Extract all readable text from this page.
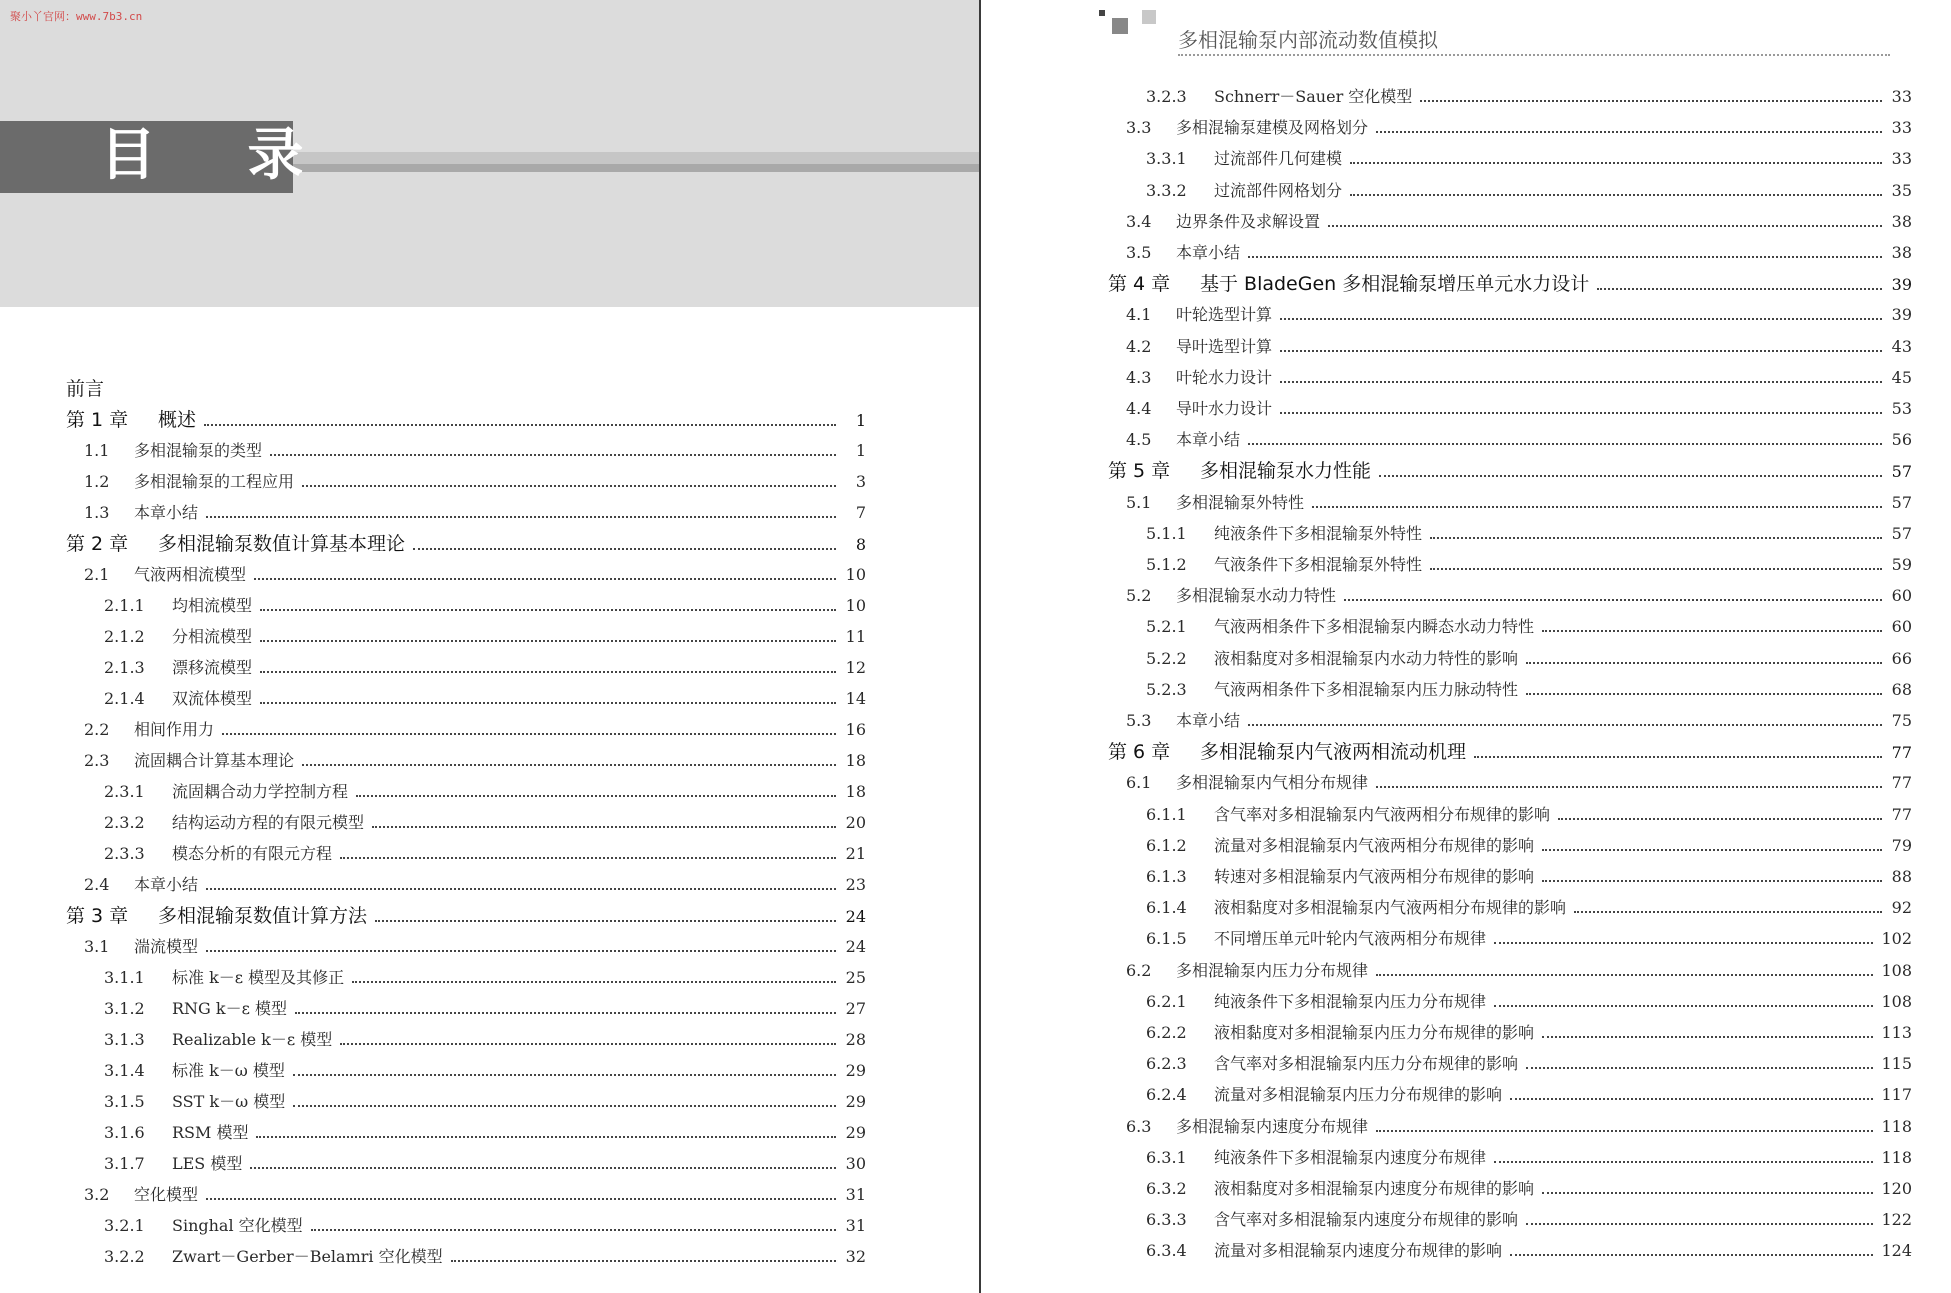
目 录
聚小丫官网：www.7b3.cn
前言
第 1 章	概述	1
1.1	多相混输泵的类型	1
1.2	多相混输泵的工程应用	3
1.3	本章小结	7
第 2 章	多相混输泵数值计算基本理论	8
2.1	气液两相流模型	10
2.1.1	均相流模型	10
2.1.2	分相流模型	11
2.1.3	漂移流模型	12
2.1.4	双流体模型	14
2.2	相间作用力	16
2.3	流固耦合计算基本理论	18
2.3.1	流固耦合动力学控制方程	18
2.3.2	结构运动方程的有限元模型	20
2.3.3	模态分析的有限元方程	21
2.4	本章小结	23
第 3 章	多相混输泵数值计算方法	24
3.1	湍流模型	24
3.1.1	标准 k－ε 模型及其修正	25
3.1.2	RNG k－ε 模型	27
3.1.3	Realizable k－ε 模型	28
3.1.4	标准 k－ω 模型	29
3.1.5	SST k－ω 模型	29
3.1.6	RSM 模型	29
3.1.7	LES 模型	30
3.2	空化模型	31
3.2.1	Singhal 空化模型	31
3.2.2	Zwart－Gerber－Belamri 空化模型	32
多相混输泵内部流动数值模拟
3.2.3	Schnerr－Sauer 空化模型	33
3.3	多相混输泵建模及网格划分	33
3.3.1	过流部件几何建模	33
3.3.2	过流部件网格划分	35
3.4	边界条件及求解设置	38
3.5	本章小结	38
第 4 章	基于 BladeGen 多相混输泵增压单元水力设计	39
4.1	叶轮选型计算	39
4.2	导叶选型计算	43
4.3	叶轮水力设计	45
4.4	导叶水力设计	53
4.5	本章小结	56
第 5 章	多相混输泵水力性能	57
5.1	多相混输泵外特性	57
5.1.1	纯液条件下多相混输泵外特性	57
5.1.2	气液条件下多相混输泵外特性	59
5.2	多相混输泵水动力特性	60
5.2.1	气液两相条件下多相混输泵内瞬态水动力特性	60
5.2.2	液相黏度对多相混输泵内水动力特性的影响	66
5.2.3	气液两相条件下多相混输泵内压力脉动特性	68
5.3	本章小结	75
第 6 章	多相混输泵内气液两相流动机理	77
6.1	多相混输泵内气相分布规律	77
6.1.1	含气率对多相混输泵内气液两相分布规律的影响	77
6.1.2	流量对多相混输泵内气液两相分布规律的影响	79
6.1.3	转速对多相混输泵内气液两相分布规律的影响	88
6.1.4	液相黏度对多相混输泵内气液两相分布规律的影响	92
6.1.5	不同增压单元叶轮内气液两相分布规律	102
6.2	多相混输泵内压力分布规律	108
6.2.1	纯液条件下多相混输泵内压力分布规律	108
6.2.2	液相黏度对多相混输泵内压力分布规律的影响	113
6.2.3	含气率对多相混输泵内压力分布规律的影响	115
6.2.4	流量对多相混输泵内压力分布规律的影响	117
6.3	多相混输泵内速度分布规律	118
6.3.1	纯液条件下多相混输泵内速度分布规律	118
6.3.2	液相黏度对多相混输泵内速度分布规律的影响	120
6.3.3	含气率对多相混输泵内速度分布规律的影响	122
6.3.4	流量对多相混输泵内速度分布规律的影响	124
